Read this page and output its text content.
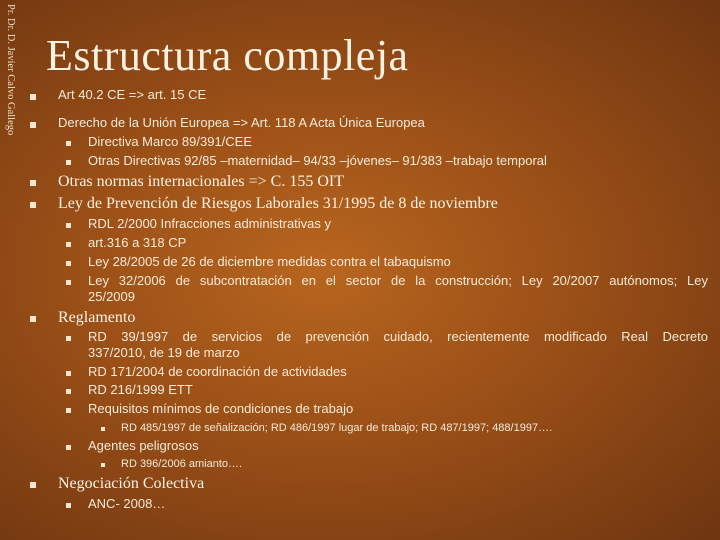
Pr. Dr. D. Javier Calvo Gallego Estructura compleja
Art 40.2 CE => art. 15 CE
Derecho de la Unión Europea => Art. 118 A Acta Única Europea
Directiva Marco 89/391/CEE
Otras Directivas 92/85 –maternidad– 94/33 –jóvenes– 91/383 –trabajo temporal
Otras normas internacionales => C. 155 OIT
Ley de Prevención de Riesgos Laborales 31/1995 de 8 de noviembre
RDL 2/2000 Infracciones administrativas y
art.316 a 318 CP
Ley 28/2005 de 26 de diciembre medidas contra el tabaquismo
Ley 32/2006 de subcontratación en el sector de la construcción; Ley 20/2007 autónomos; Ley
25/2009
Reglamento
RD 39/1997 de servicios de prevención cuidado, recientemente modificado Real Decreto
337/2010, de 19 de marzo
RD 171/2004 de coordinación de actividades
RD 216/1999 ETT
Requisitos mínimos de condiciones de trabajo
RD 485/1997 de señalización; RD 486/1997 lugar de trabajo; RD 487/1997; 488/1997….
Agentes peligrosos
RD 396/2006 amianto….
Negociación Colectiva
ANC- 2008…
